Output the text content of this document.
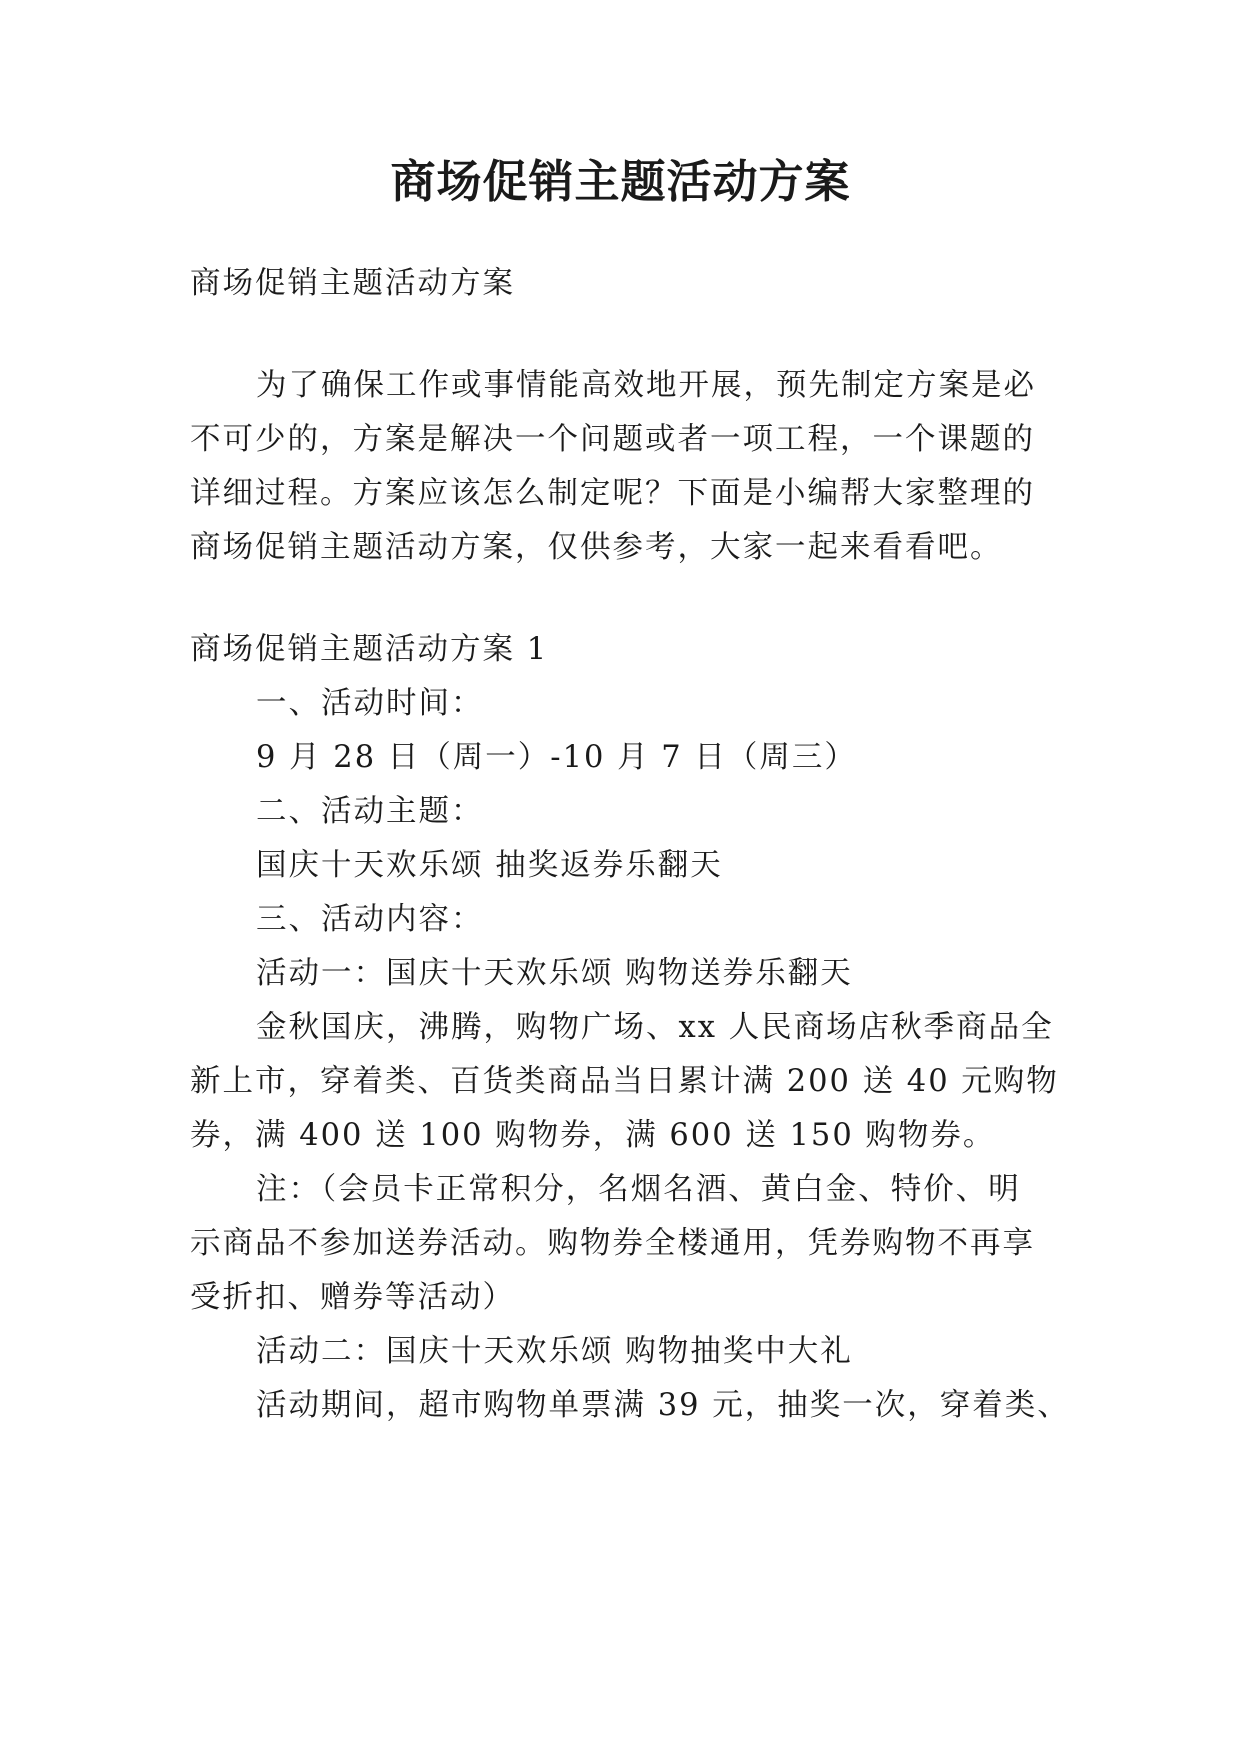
商场促销主题活动方案
商场促销主题活动方案
为了确保工作或事情能高效地开展，预先制定方案是必
不可少的，方案是解决一个问题或者一项工程，一个课题的
详细过程。方案应该怎么制定呢？下面是小编帮大家整理的
商场促销主题活动方案，仅供参考，大家一起来看看吧。
商场促销主题活动方案 1
一、活动时间：
9 月 28 日（周一）-10 月 7 日（周三）
二、活动主题：
国庆十天欢乐颂 抽奖返券乐翻天
三、活动内容：
活动一：国庆十天欢乐颂 购物送券乐翻天
金秋国庆，沸腾，购物广场、xx 人民商场店秋季商品全
新上市，穿着类、百货类商品当日累计满 200 送 40 元购物
券，满 400 送 100 购物券，满 600 送 150 购物券。
注：（会员卡正常积分，名烟名酒、黄白金、特价、明
示商品不参加送券活动。购物券全楼通用，凭券购物不再享
受折扣、赠券等活动）
活动二：国庆十天欢乐颂 购物抽奖中大礼
活动期间，超市购物单票满 39 元，抽奖一次，穿着类、
